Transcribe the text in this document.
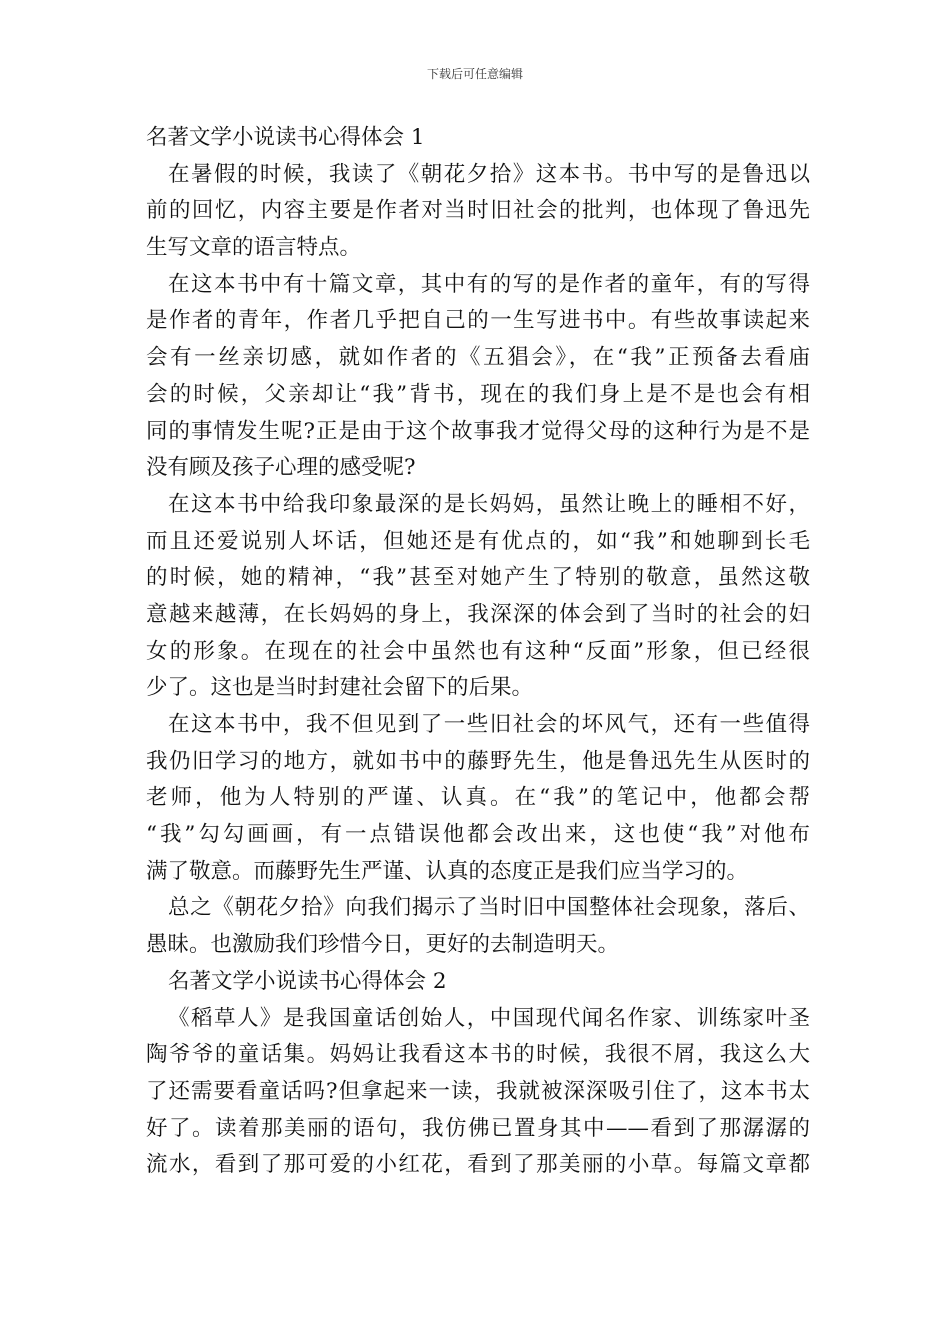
下载后可任意编辑
名著文学小说读书心得体会 1
在暑假的时候，我读了《朝花夕拾》这本书。书中写的是鲁迅以
前的回忆，内容主要是作者对当时旧社会的批判，也体现了鲁迅先
生写文章的语言特点。
在这本书中有十篇文章，其中有的写的是作者的童年，有的写得
是作者的青年，作者几乎把自己的一生写进书中。有些故事读起来
会有一丝亲切感，就如作者的《五猖会》，在“我”正预备去看庙
会的时候，父亲却让“我”背书，现在的我们身上是不是也会有相
同的事情发生呢?正是由于这个故事我才觉得父母的这种行为是不是
没有顾及孩子心理的感受呢?
在这本书中给我印象最深的是长妈妈，虽然让晚上的睡相不好，
而且还爱说别人坏话，但她还是有优点的，如“我”和她聊到长毛
的时候，她的精神，“我”甚至对她产生了特别的敬意，虽然这敬
意越来越薄，在长妈妈的身上，我深深的体会到了当时的社会的妇
女的形象。在现在的社会中虽然也有这种“反面”形象，但已经很
少了。这也是当时封建社会留下的后果。
在这本书中，我不但见到了一些旧社会的坏风气，还有一些值得
我仍旧学习的地方，就如书中的藤野先生，他是鲁迅先生从医时的
老师，他为人特别的严谨、认真。在“我”的笔记中，他都会帮
“我”勾勾画画，有一点错误他都会改出来，这也使“我”对他布
满了敬意。而藤野先生严谨、认真的态度正是我们应当学习的。
总之《朝花夕拾》向我们揭示了当时旧中国整体社会现象，落后、
愚昧。也激励我们珍惜今日，更好的去制造明天。
名著文学小说读书心得体会 2
《稻草人》是我国童话创始人，中国现代闻名作家、训练家叶圣
陶爷爷的童话集。妈妈让我看这本书的时候，我很不屑，我这么大
了还需要看童话吗?但拿起来一读，我就被深深吸引住了，这本书太
好了。读着那美丽的语句，我仿佛已置身其中——看到了那潺潺的
流水，看到了那可爱的小红花，看到了那美丽的小草。每篇文章都
